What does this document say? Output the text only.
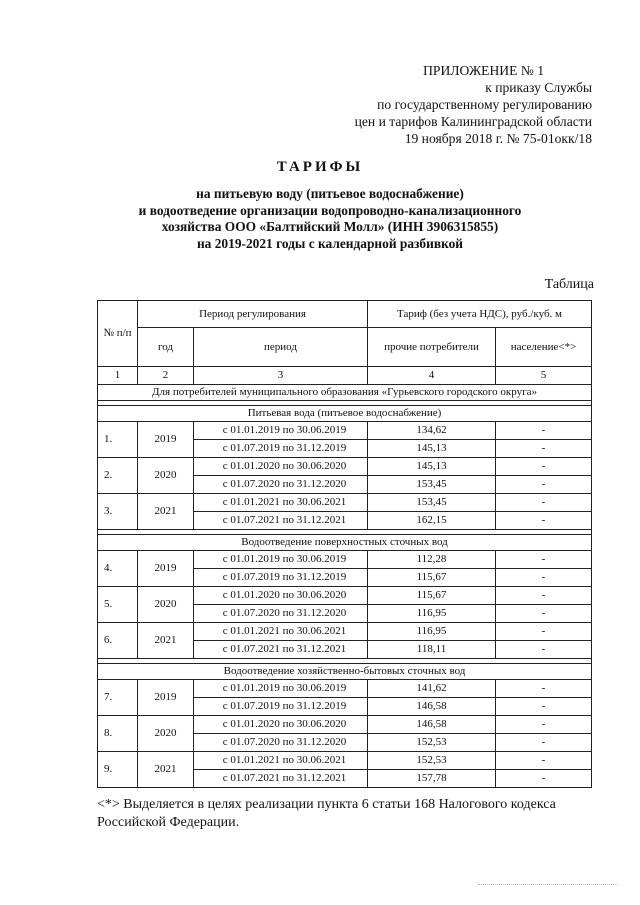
ПРИЛОЖЕНИЕ № 1
к приказу Службы
по государственному регулированию
цен и тарифов Калининградской области
19 ноября 2018 г. № 75-01окк/18
ТАРИФЫ
на питьевую воду (питьевое водоснабжение)
и водоотведение организации водопроводно-канализационного
хозяйства ООО «Балтийский Молл» (ИНН 3906315855)
на 2019-2021 годы с календарной разбивкой
Таблица
№ п/п	Период регулирования		Тариф (без учета НДС), руб./куб. м	
	год	период	прочие потребители	население<*>
1	2	3	4	5
Для потребителей муниципального образования «Гурьевского городского округа»				

Питьевая вода (питьевое водоснабжение)				
1.	2019	с 01.01.2019 по 30.06.2019	134,62	-
		с 01.07.2019 по 31.12.2019	145,13	-
2.	2020	с 01.01.2020 по 30.06.2020	145,13	-
		с 01.07.2020 по 31.12.2020	153,45	-
3.	2021	с 01.01.2021 по 30.06.2021	153,45	-
		с 01.07.2021 по 31.12.2021	162,15	-

Водоотведение поверхностных сточных вод				
4.	2019	с 01.01.2019 по 30.06.2019	112,28	-
		с 01.07.2019 по 31.12.2019	115,67	-
5.	2020	с 01.01.2020 по 30.06.2020	115,67	-
		с 01.07.2020 по 31.12.2020	116,95	-
6.	2021	с 01.01.2021 по 30.06.2021	116,95	-
		с 01.07.2021 по 31.12.2021	118,11	-

Водоотведение хозяйственно-бытовых сточных вод				
7.	2019	с 01.01.2019 по 30.06.2019	141,62	-
		с 01.07.2019 по 31.12.2019	146,58	-
8.	2020	с 01.01.2020 по 30.06.2020	146,58	-
		с 01.07.2020 по 31.12.2020	152,53	-
9.	2021	с 01.01.2021 по 30.06.2021	152,53	-
		с 01.07.2021 по 31.12.2021	157,78	-
<*> Выделяется в целях реализации пункта 6 статьи 168 Налогового кодекса Российской Федерации.
